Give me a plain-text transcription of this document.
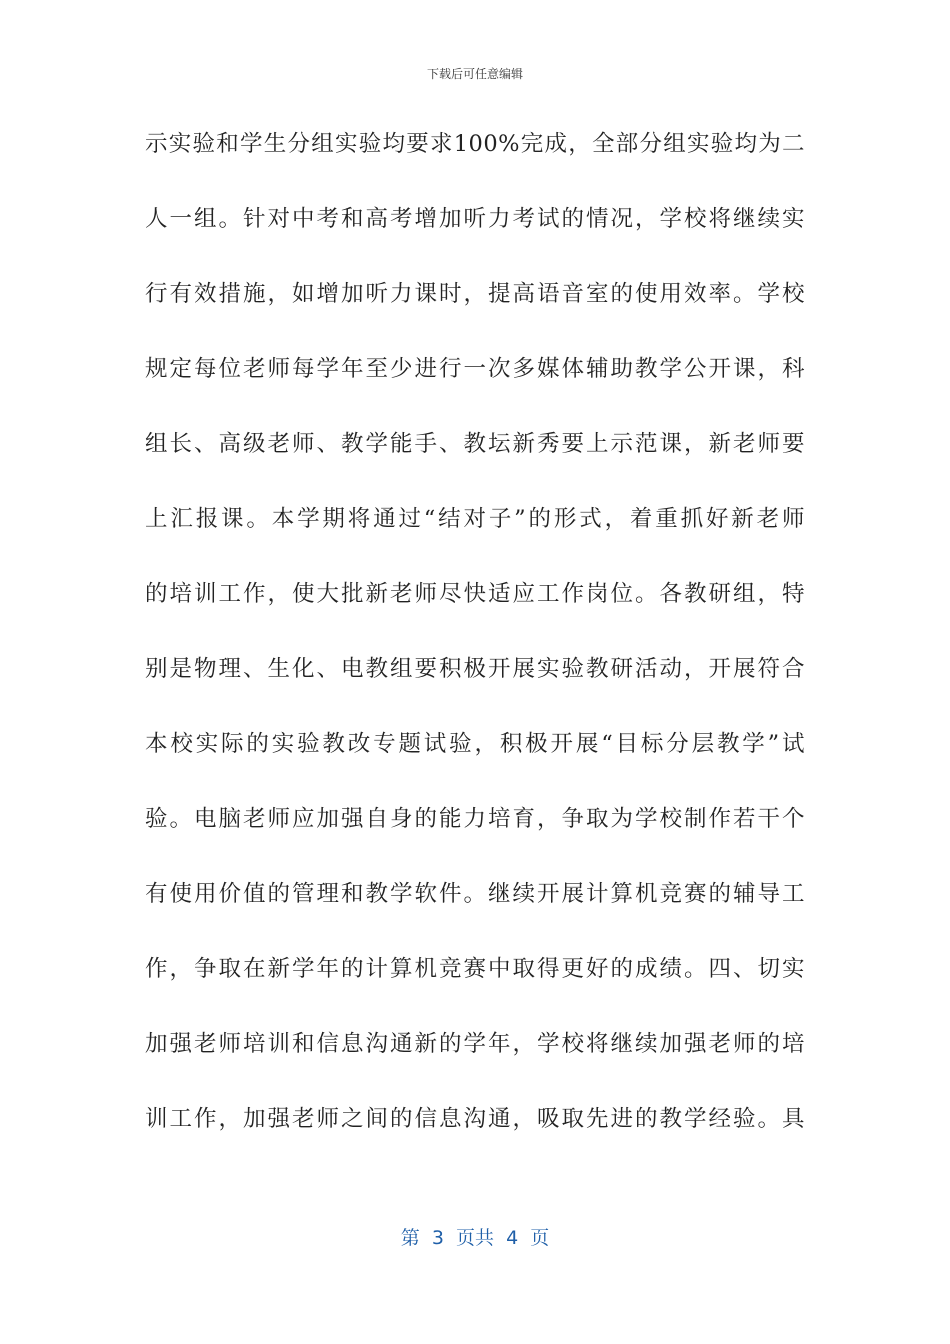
下载后可任意编辑
示实验和学生分组实验均要求100%完成，全部分组实验均为二
人一组。针对中考和高考增加听力考试的情况，学校将继续实
行有效措施，如增加听力课时，提高语音室的使用效率。学校
规定每位老师每学年至少进行一次多媒体辅助教学公开课，科
组长、高级老师、教学能手、教坛新秀要上示范课，新老师要
上汇报课。本学期将通过“结对子”的形式，着重抓好新老师
的培训工作，使大批新老师尽快适应工作岗位。各教研组，特
别是物理、生化、电教组要积极开展实验教研活动，开展符合
本校实际的实验教改专题试验，积极开展“目标分层教学”试
验。电脑老师应加强自身的能力培育，争取为学校制作若干个
有使用价值的管理和教学软件。继续开展计算机竞赛的辅导工
作，争取在新学年的计算机竞赛中取得更好的成绩。四、切实
加强老师培训和信息沟通新的学年，学校将继续加强老师的培
训工作，加强老师之间的信息沟通，吸取先进的教学经验。具
第  3  页共  4  页
